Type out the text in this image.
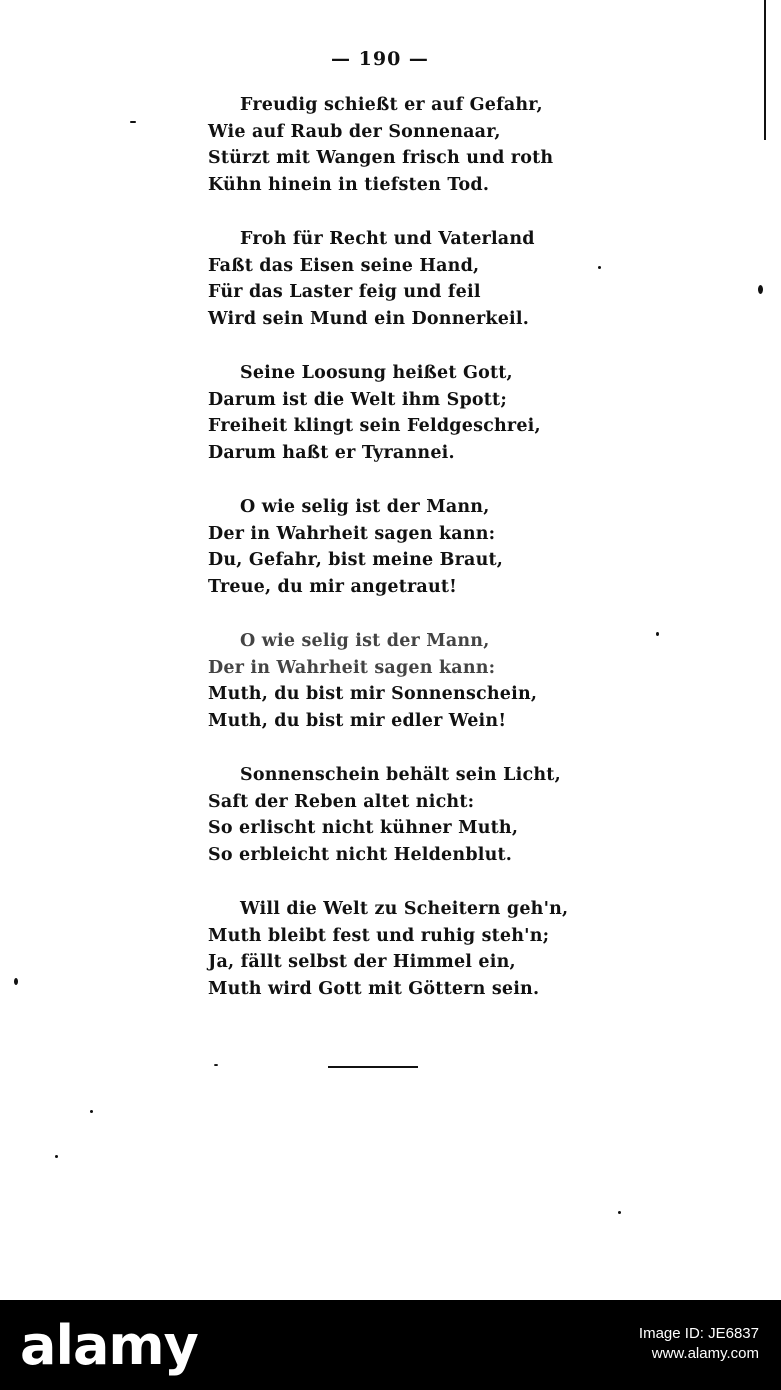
— 190 —
Freudig schießt er auf Gefahr,
Wie auf Raub der Sonnenaar,
Stürzt mit Wangen frisch und roth
Kühn hinein in tiefsten Tod.
Froh für Recht und Vaterland
Faßt das Eisen seine Hand,
Für das Laster feig und feil
Wird sein Mund ein Donnerkeil.
Seine Loosung heißet Gott,
Darum ist die Welt ihm Spott;
Freiheit klingt sein Feldgeschrei,
Darum haßt er Tyrannei.
O wie selig ist der Mann,
Der in Wahrheit sagen kann:
Du, Gefahr, bist meine Braut,
Treue, du mir angetraut!
O wie selig ist der Mann,
Der in Wahrheit sagen kann:
Muth, du bist mir Sonnenschein,
Muth, du bist mir edler Wein!
Sonnenschein behält sein Licht,
Saft der Reben altet nicht:
So erlischt nicht kühner Muth,
So erbleicht nicht Heldenblut.
Will die Welt zu Scheitern geh'n,
Muth bleibt fest und ruhig steh'n;
Ja, fällt selbst der Himmel ein,
Muth wird Gott mit Göttern sein.
alamy	Image ID: JE6837
www.alamy.com
